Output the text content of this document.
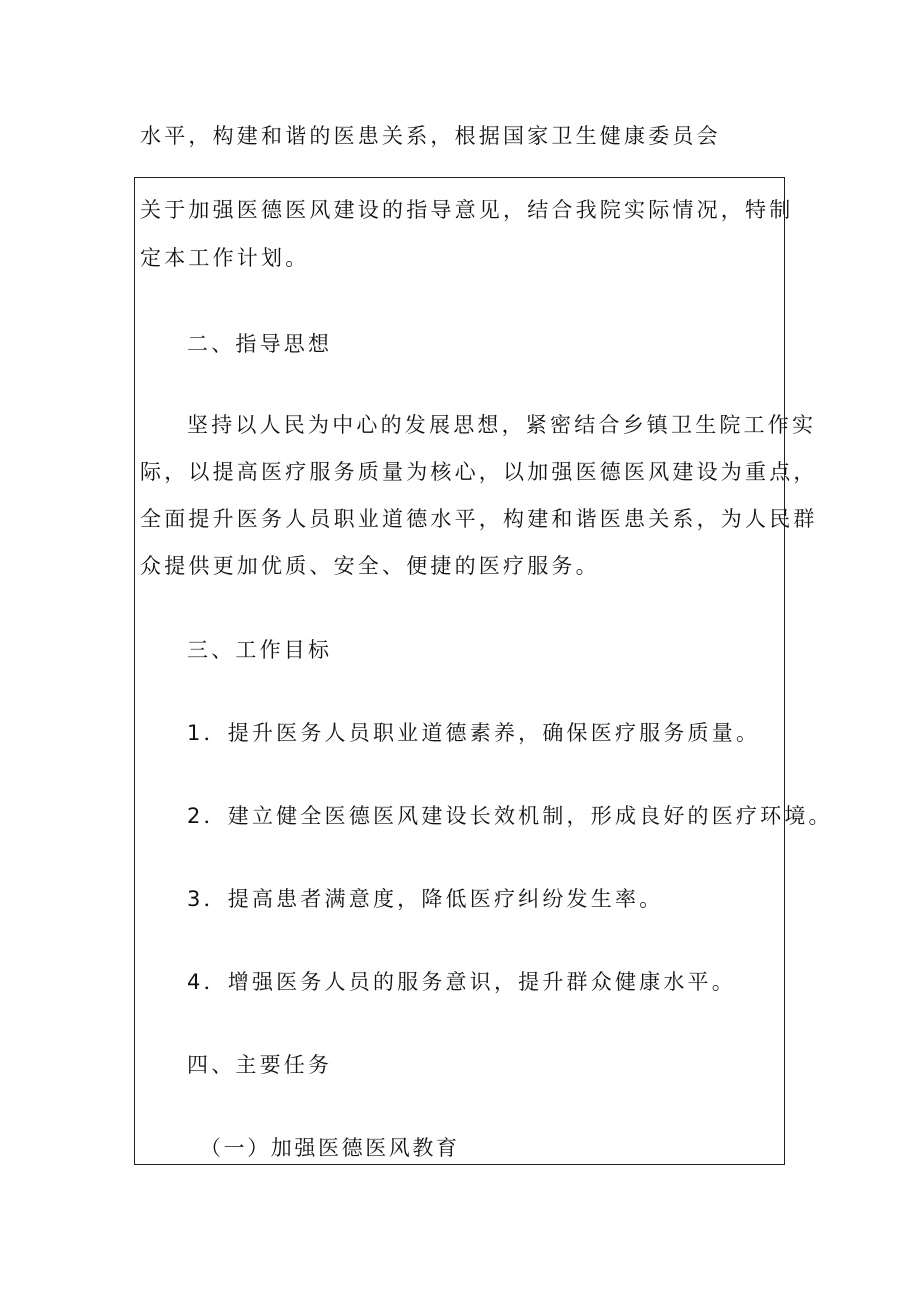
水平，构建和谐的医患关系，根据国家卫生健康委员会
关于加强医德医风建设的指导意见，结合我院实际情况，特制
定本工作计划。
二、指导思想
坚持以人民为中心的发展思想，紧密结合乡镇卫生院工作实
际，以提高医疗服务质量为核心，以加强医德医风建设为重点，
全面提升医务人员职业道德水平，构建和谐医患关系，为人民群
众提供更加优质、安全、便捷的医疗服务。
三、工作目标
1．提升医务人员职业道德素养，确保医疗服务质量。
2．建立健全医德医风建设长效机制，形成良好的医疗环境。
3．提高患者满意度，降低医疗纠纷发生率。
4．增强医务人员的服务意识，提升群众健康水平。
四、主要任务
（一）加强医德医风教育
